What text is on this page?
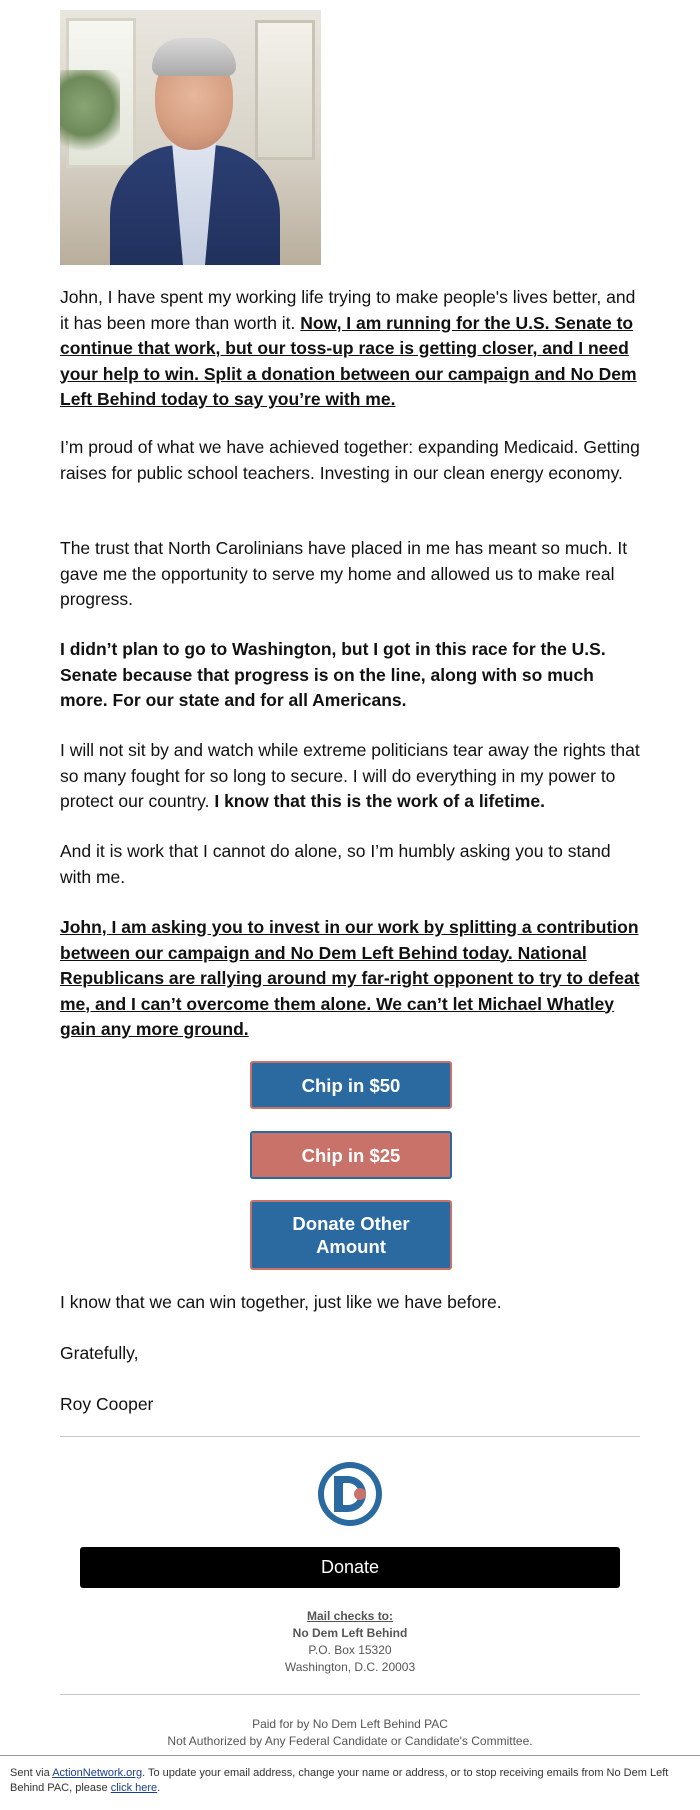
John, I have spent my working life trying to make people's lives better, and it has been more than worth it. Now, I am running for the U.S. Senate to continue that work, but our toss-up race is getting closer, and I need your help to win. Split a donation between our campaign and No Dem Left Behind today to say you’re with me.

I’m proud of what we have achieved together: expanding Medicaid. Getting raises for public school teachers. Investing in our clean energy economy.

The trust that North Carolinians have placed in me has meant so much. It gave me the opportunity to serve my home and allowed us to make real progress.

I didn’t plan to go to Washington, but I got in this race for the U.S. Senate because that progress is on the line, along with so much more. For our state and for all Americans.

I will not sit by and watch while extreme politicians tear away the rights that so many fought for so long to secure. I will do everything in my power to protect our country. I know that this is the work of a lifetime.

And it is work that I cannot do alone, so I’m humbly asking you to stand with me.

John, I am asking you to invest in our work by splitting a contribution between our campaign and No Dem Left Behind today. National Republicans are rallying around my far-right opponent to try to defeat me, and I can’t overcome them alone. We can’t let Michael Whatley gain any more ground.

Chip in $50
Chip in $25
Donate Other Amount

I know that we can win together, just like we have before.

Gratefully,

Roy Cooper

Donate
Mail checks to:
No Dem Left Behind
P.O. Box 15320
Washington, D.C. 20003
Paid for by No Dem Left Behind PAC
Not Authorized by Any Federal Candidate or Candidate's Committee.
Sent via ActionNetwork.org. To update your email address, change your name or address, or to stop receiving emails from No Dem Left Behind PAC, please click here.
